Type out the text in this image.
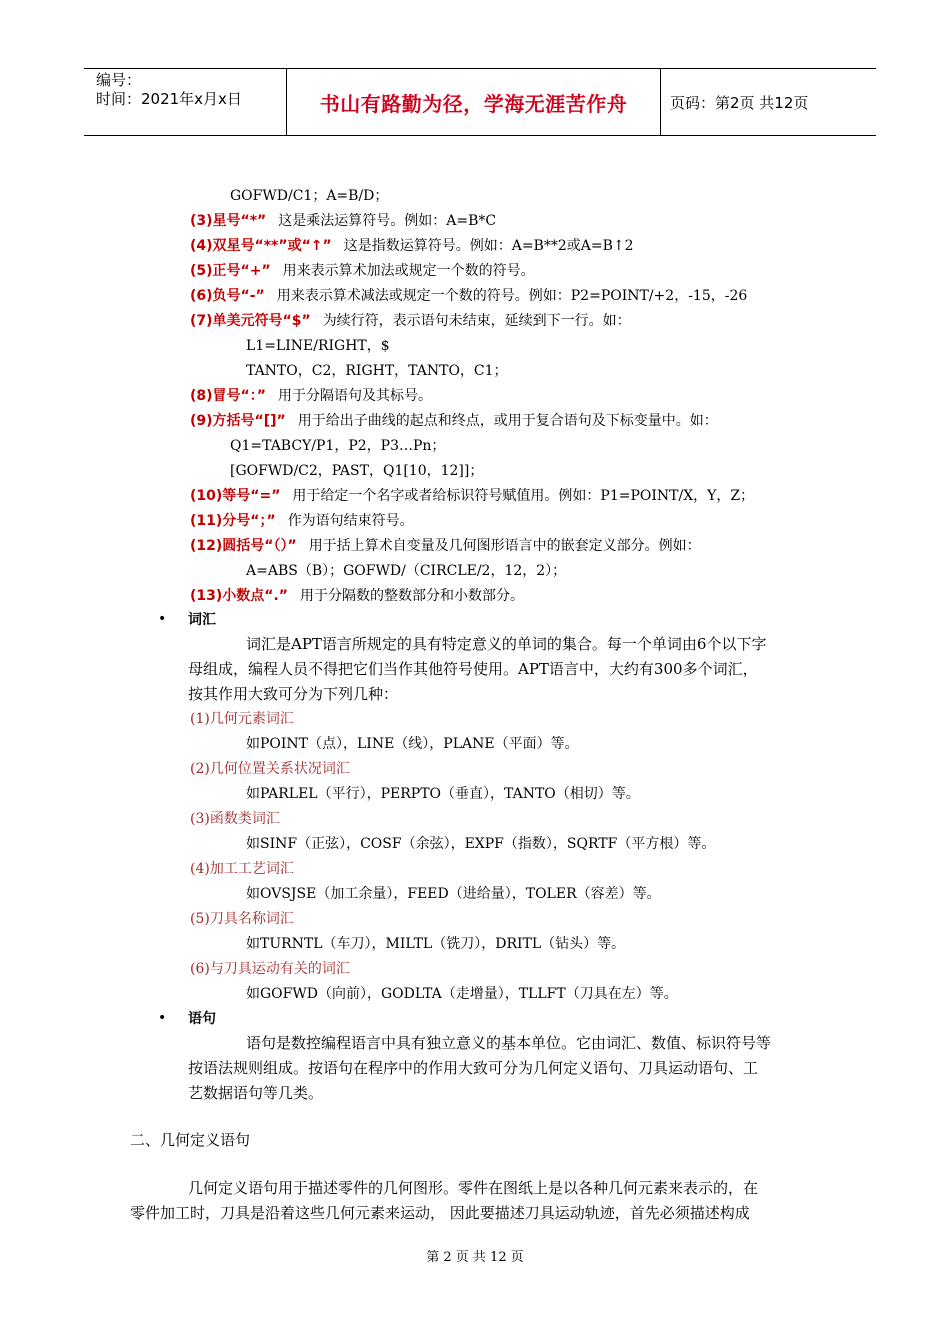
编号：
时间：2021年x月x日	书山有路勤为径，学海无涯苦作舟	页码：第2页 共12页
GOFWD/C1；A=B/D；
(3)星号“*” 这是乘法运算符号。例如：A=B*C
(4)双星号“**”或“↑” 这是指数运算符号。例如：A=B**2或A=B↑2
(5)正号“+” 用来表示算术加法或规定一个数的符号。
(6)负号“-” 用来表示算术减法或规定一个数的符号。例如：P2=POINT/+2，-15，-26
(7)单美元符号“$” 为续行符，表示语句未结束，延续到下一行。如：
L1=LINE/RIGHT，$
TANTO，C2，RIGHT，TANTO，C1；
(8)冒号“：” 用于分隔语句及其标号。
(9)方括号“[]” 用于给出子曲线的起点和终点，或用于复合语句及下标变量中。如：
Q1=TABCY/P1，P2，P3…Pn；
[GOFWD/C2，PAST，Q1[10，12]]；
(10)等号“=” 用于给定一个名字或者给标识符号赋值用。例如：P1=POINT/X，Y，Z；
(11)分号“；” 作为语句结束符号。
(12)圆括号“（）” 用于括上算术自变量及几何图形语言中的嵌套定义部分。例如：
A=ABS（B）；GOFWD/（CIRCLE/2，12，2）；
(13)小数点“.” 用于分隔数的整数部分和小数部分。
• 词汇
词汇是APT语言所规定的具有特定意义的单词的集合。每一个单词由6个以下字
母组成，编程人员不得把它们当作其他符号使用。APT语言中，大约有300多个词汇，
按其作用大致可分为下列几种：
(1)几何元素词汇
如POINT（点），LINE（线），PLANE（平面）等。
(2)几何位置关系状况词汇
如PARLEL（平行），PERPTO（垂直），TANTO（相切）等。
(3)函数类词汇
如SINF（正弦），COSF（余弦），EXPF（指数），SQRTF（平方根）等。
(4)加工工艺词汇
如OVSJSE（加工余量），FEED（进给量），TOLER（容差）等。
(5)刀具名称词汇
如TURNTL（车刀），MILTL（铣刀），DRITL（钻头）等。
(6)与刀具运动有关的词汇
如GOFWD（向前），GODLTA（走增量），TLLFT（刀具在左）等。
• 语句
语句是数控编程语言中具有独立意义的基本单位。它由词汇、数值、标识符号等
按语法规则组成。按语句在程序中的作用大致可分为几何定义语句、刀具运动语句、工
艺数据语句等几类。
二、几何定义语句
几何定义语句用于描述零件的几何图形。零件在图纸上是以各种几何元素来表示的，在
零件加工时，刀具是沿着这些几何元素来运动， 因此要描述刀具运动轨迹，首先必须描述构成
第 2 页 共 12 页
